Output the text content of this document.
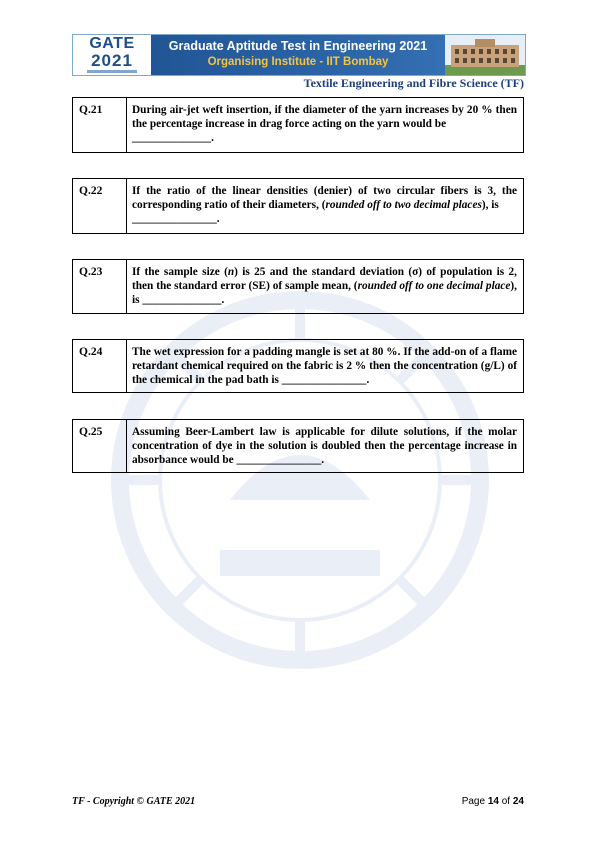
GATE
2021
Graduate Aptitude Test in Engineering 2021
Organising Institute - IIT Bombay
Textile Engineering and Fibre Science (TF)
Q.21	During air-jet weft insertion, if the diameter of the yarn increases by 20 % then the percentage increase in drag force acting on the yarn would be
______________.
Q.22	If the ratio of the linear densities (denier) of two circular fibers is 3, the corresponding ratio of their diameters, (rounded off to two decimal places), is
_______________.
Q.23	If the sample size (n) is 25 and the standard deviation (σ) of population is 2, then the standard error (SE) of sample mean, (rounded off to one decimal place), is ______________.
Q.24	The wet expression for a padding mangle is set at 80 %. If the add-on of a flame retardant chemical required on the fabric is 2 % then the concentration (g/L) of the chemical in the pad bath is _______________.
Q.25	Assuming Beer-Lambert law is applicable for dilute solutions, if the molar concentration of dye in the solution is doubled then the percentage increase in absorbance would be _______________.
TF - Copyright © GATE 2021	Page 14 of 24
